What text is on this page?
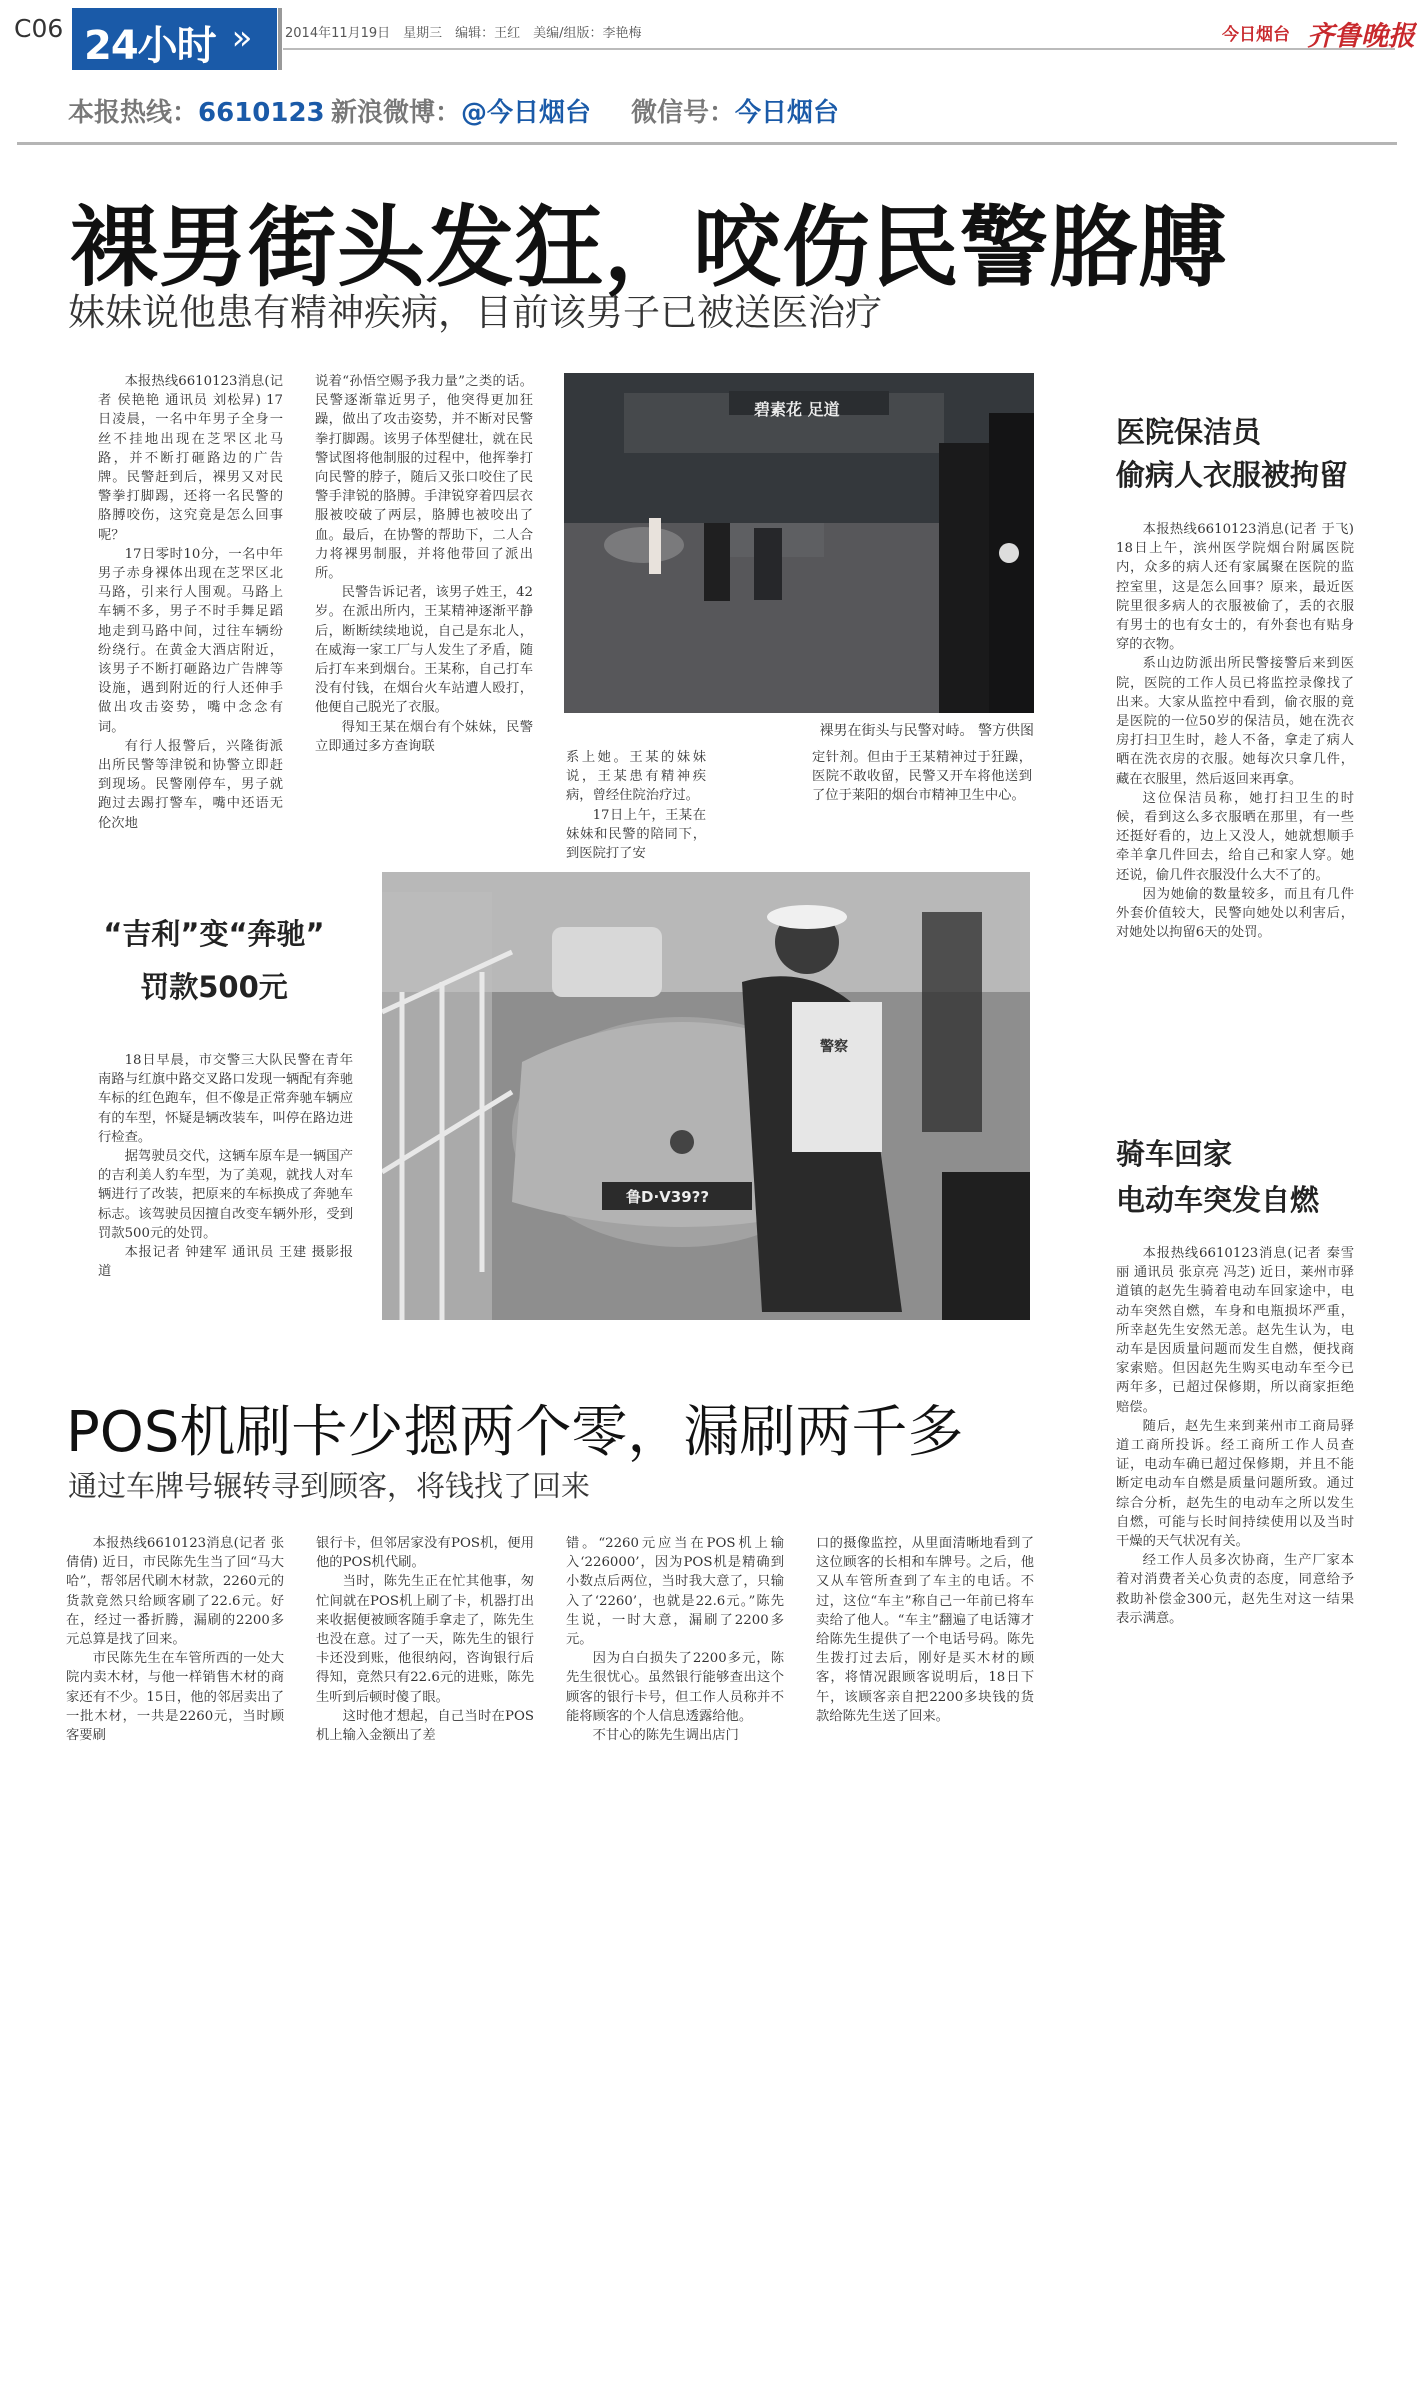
C06 24小时 »	2014年11月19日　星期三　编辑：王红　美编/组版：李艳梅	今日烟台 齐鲁晚报
本报热线：6610123 新浪微博：@今日烟台 微信号：今日烟台
裸男街头发狂，咬伤民警胳膊
妹妹说他患有精神疾病，目前该男子已被送医治疗

本报热线6610123消息(记者 侯艳艳 通讯员 刘松昇) 17日凌晨，一名中年男子全身一丝不挂地出现在芝罘区北马路，并不断打砸路边的广告牌。民警赶到后，裸男又对民警拳打脚踢，还将一名民警的胳膊咬伤，这究竟是怎么回事呢？

17日零时10分，一名中年男子赤身裸体出现在芝罘区北马路，引来行人围观。马路上车辆不多，男子不时手舞足蹈地走到马路中间，过往车辆纷纷绕行。在黄金大酒店附近，该男子不断打砸路边广告牌等设施，遇到附近的行人还伸手做出攻击姿势，嘴中念念有词。

有行人报警后，兴隆街派出所民警等津锐和协警立即赶到现场。民警刚停车，男子就跑过去踢打警车，嘴中还语无伦次地

说着“孙悟空赐予我力量”之类的话。民警逐渐靠近男子，他突得更加狂躁，做出了攻击姿势，并不断对民警拳打脚踢。该男子体型健壮，就在民警试图将他制服的过程中，他挥拳打向民警的脖子，随后又张口咬住了民警手津锐的胳膊。手津锐穿着四层衣服被咬破了两层，胳膊也被咬出了血。最后，在协警的帮助下，二人合力将裸男制服，并将他带回了派出所。

民警告诉记者，该男子姓王，42岁。在派出所内，王某精神逐渐平静后，断断续续地说，自己是东北人，在威海一家工厂与人发生了矛盾，随后打车来到烟台。王某称，自己打车没有付钱，在烟台火车站遭人殴打，他便自己脱光了衣服。

得知王某在烟台有个妹妹，民警立即通过多方查询联

碧素花 足道
裸男在街头与民警对峙。 警方供图

系上她。王某的妹妹说，王某患有精神疾病，曾经住院治疗过。

17日上午，王某在妹妹和民警的陪同下，到医院打了安

定针剂。但由于王某精神过于狂躁，医院不敢收留，民警又开车将他送到了位于莱阳的烟台市精神卫生中心。

医院保洁员
偷病人衣服被拘留

本报热线6610123消息(记者 于飞) 18日上午，滨州医学院烟台附属医院内，众多的病人还有家属聚在医院的监控室里，这是怎么回事？原来，最近医院里很多病人的衣服被偷了，丢的衣服有男士的也有女士的，有外套也有贴身穿的衣物。

系山边防派出所民警接警后来到医院，医院的工作人员已将监控录像找了出来。大家从监控中看到，偷衣服的竟是医院的一位50岁的保洁员，她在洗衣房打扫卫生时，趁人不备，拿走了病人晒在洗衣房的衣服。她每次只拿几件，藏在衣服里，然后返回来再拿。

这位保洁员称，她打扫卫生的时候，看到这么多衣服晒在那里，有一些还挺好看的，边上又没人，她就想顺手牵羊拿几件回去，给自己和家人穿。她还说，偷几件衣服没什么大不了的。

因为她偷的数量较多，而且有几件外套价值较大，民警向她处以利害后，对她处以拘留6天的处罚。

“吉利”变“奔驰”
罚款500元

18日早晨，市交警三大队民警在青年南路与红旗中路交叉路口发现一辆配有奔驰车标的红色跑车，但不像是正常奔驰车辆应有的车型，怀疑是辆改装车，叫停在路边进行检查。

据驾驶员交代，这辆车原车是一辆国产的吉利美人豹车型，为了美观，就找人对车辆进行了改装，把原来的车标换成了奔驰车标志。该驾驶员因擅自改变车辆外形，受到罚款500元的处罚。

本报记者 钟建军 通讯员 王建 摄影报道

鲁D·V39??
警察
骑车回家
电动车突发自燃

本报热线6610123消息(记者 秦雪丽 通讯员 张京亮 冯芝) 近日，莱州市驿道镇的赵先生骑着电动车回家途中，电动车突然自燃，车身和电瓶损坏严重，所幸赵先生安然无恙。赵先生认为，电动车是因质量问题而发生自燃，便找商家索赔。但因赵先生购买电动车至今已两年多，已超过保修期，所以商家拒绝赔偿。

随后，赵先生来到莱州市工商局驿道工商所投诉。经工商所工作人员查证，电动车确已超过保修期，并且不能断定电动车自燃是质量问题所致。通过综合分析，赵先生的电动车之所以发生自燃，可能与长时间持续使用以及当时干燥的天气状况有关。

经工作人员多次协商，生产厂家本着对消费者关心负责的态度，同意给予救助补偿金300元，赵先生对这一结果表示满意。

POS机刷卡少摁两个零，漏刷两千多
通过车牌号辗转寻到顾客，将钱找了回来

本报热线6610123消息(记者 张倩倩) 近日，市民陈先生当了回“马大哈”，帮邻居代刷木材款，2260元的货款竟然只给顾客刷了22.6元。好在，经过一番折腾，漏刷的2200多元总算是找了回来。

市民陈先生在车管所西的一处大院内卖木材，与他一样销售木材的商家还有不少。15日，他的邻居卖出了一批木材，一共是2260元，当时顾客要刷

银行卡，但邻居家没有POS机，便用他的POS机代刷。

当时，陈先生正在忙其他事，匆忙间就在POS机上刷了卡，机器打出来收据便被顾客随手拿走了，陈先生也没在意。过了一天，陈先生的银行卡还没到账，他很纳闷，咨询银行后得知，竟然只有22.6元的进账，陈先生听到后顿时傻了眼。

这时他才想起，自己当时在POS机上输入金额出了差

错。“2260元应当在POS机上输入‘226000’，因为POS机是精确到小数点后两位，当时我大意了，只输入了‘2260’，也就是22.6元。”陈先生说，一时大意，漏刷了2200多元。

因为白白损失了2200多元，陈先生很忧心。虽然银行能够查出这个顾客的银行卡号，但工作人员称并不能将顾客的个人信息透露给他。

不甘心的陈先生调出店门

口的摄像监控，从里面清晰地看到了这位顾客的长相和车牌号。之后，他又从车管所查到了车主的电话。不过，这位“车主”称自己一年前已将车卖给了他人。“车主”翻遍了电话簿才给陈先生提供了一个电话号码。陈先生拨打过去后，刚好是买木材的顾客，将情况跟顾客说明后，18日下午，该顾客亲自把2200多块钱的货款给陈先生送了回来。
